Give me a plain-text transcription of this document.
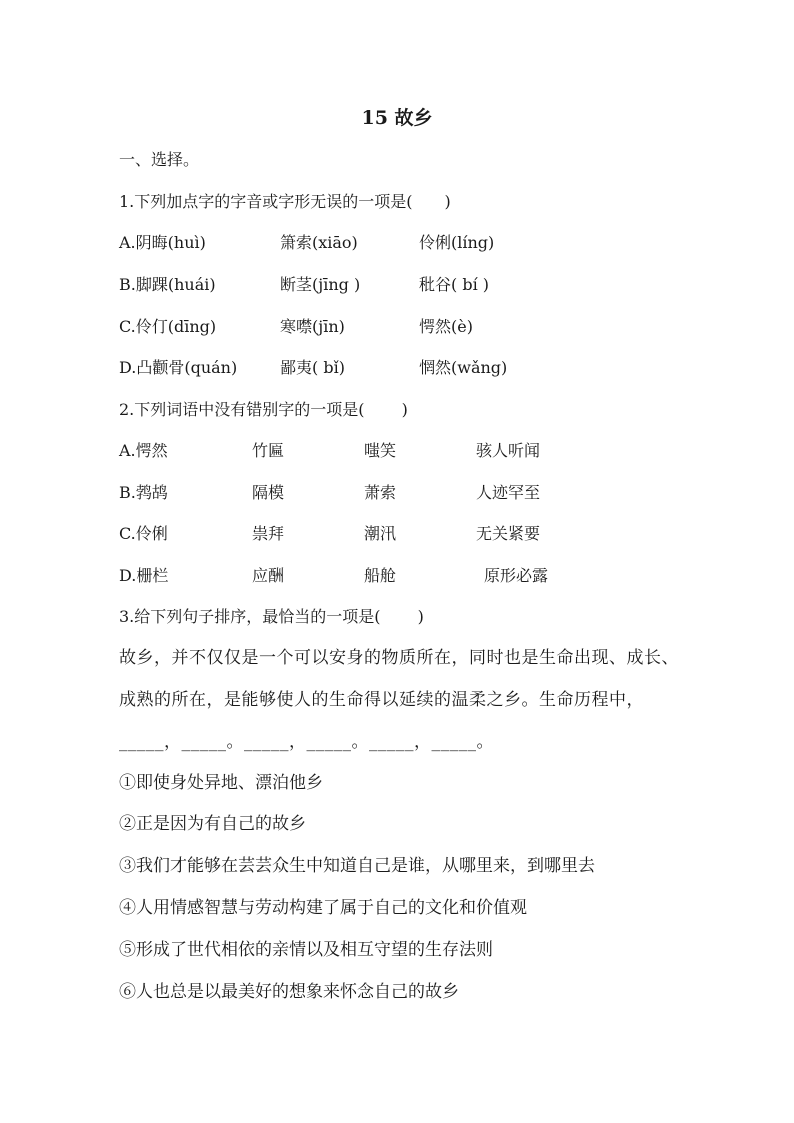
15 故乡
一、选择。
1.下列加点字的字音或字形无误的一项是(　　)
A.阴晦(huì)	箫索(xiāo)	伶俐(líng)
B.脚踝(huái)	断茎(jīng )	秕谷( bí )
C.伶仃(dīng)	寒噤(jīn)	愕然(è)
D.凸颧骨(quán)	鄙夷( bǐ)	惘然(wǎng)
2.下列词语中没有错别字的一项是(　　 )
A.愕然	竹匾	嗤笑	骇人听闻
B.鹁鸪	隔模	萧索	人迹罕至
C.伶俐	祟拜	潮汛	无关紧要
D.栅栏	应酬	船舱	原形必露
3.给下列句子排序，最恰当的一项是(　　 )
故乡，并不仅仅是一个可以安身的物质所在，同时也是生命出现、成长、成熟的所在，是能够使人的生命得以延续的温柔之乡。生命历程中，_____，_____。_____，_____。_____，_____。
①即使身处异地、漂泊他乡
②正是因为有自己的故乡
③我们才能够在芸芸众生中知道自己是谁，从哪里来，到哪里去
④人用情感智慧与劳动构建了属于自己的文化和价值观
⑤形成了世代相依的亲情以及相互守望的生存法则
⑥人也总是以最美好的想象来怀念自己的故乡
